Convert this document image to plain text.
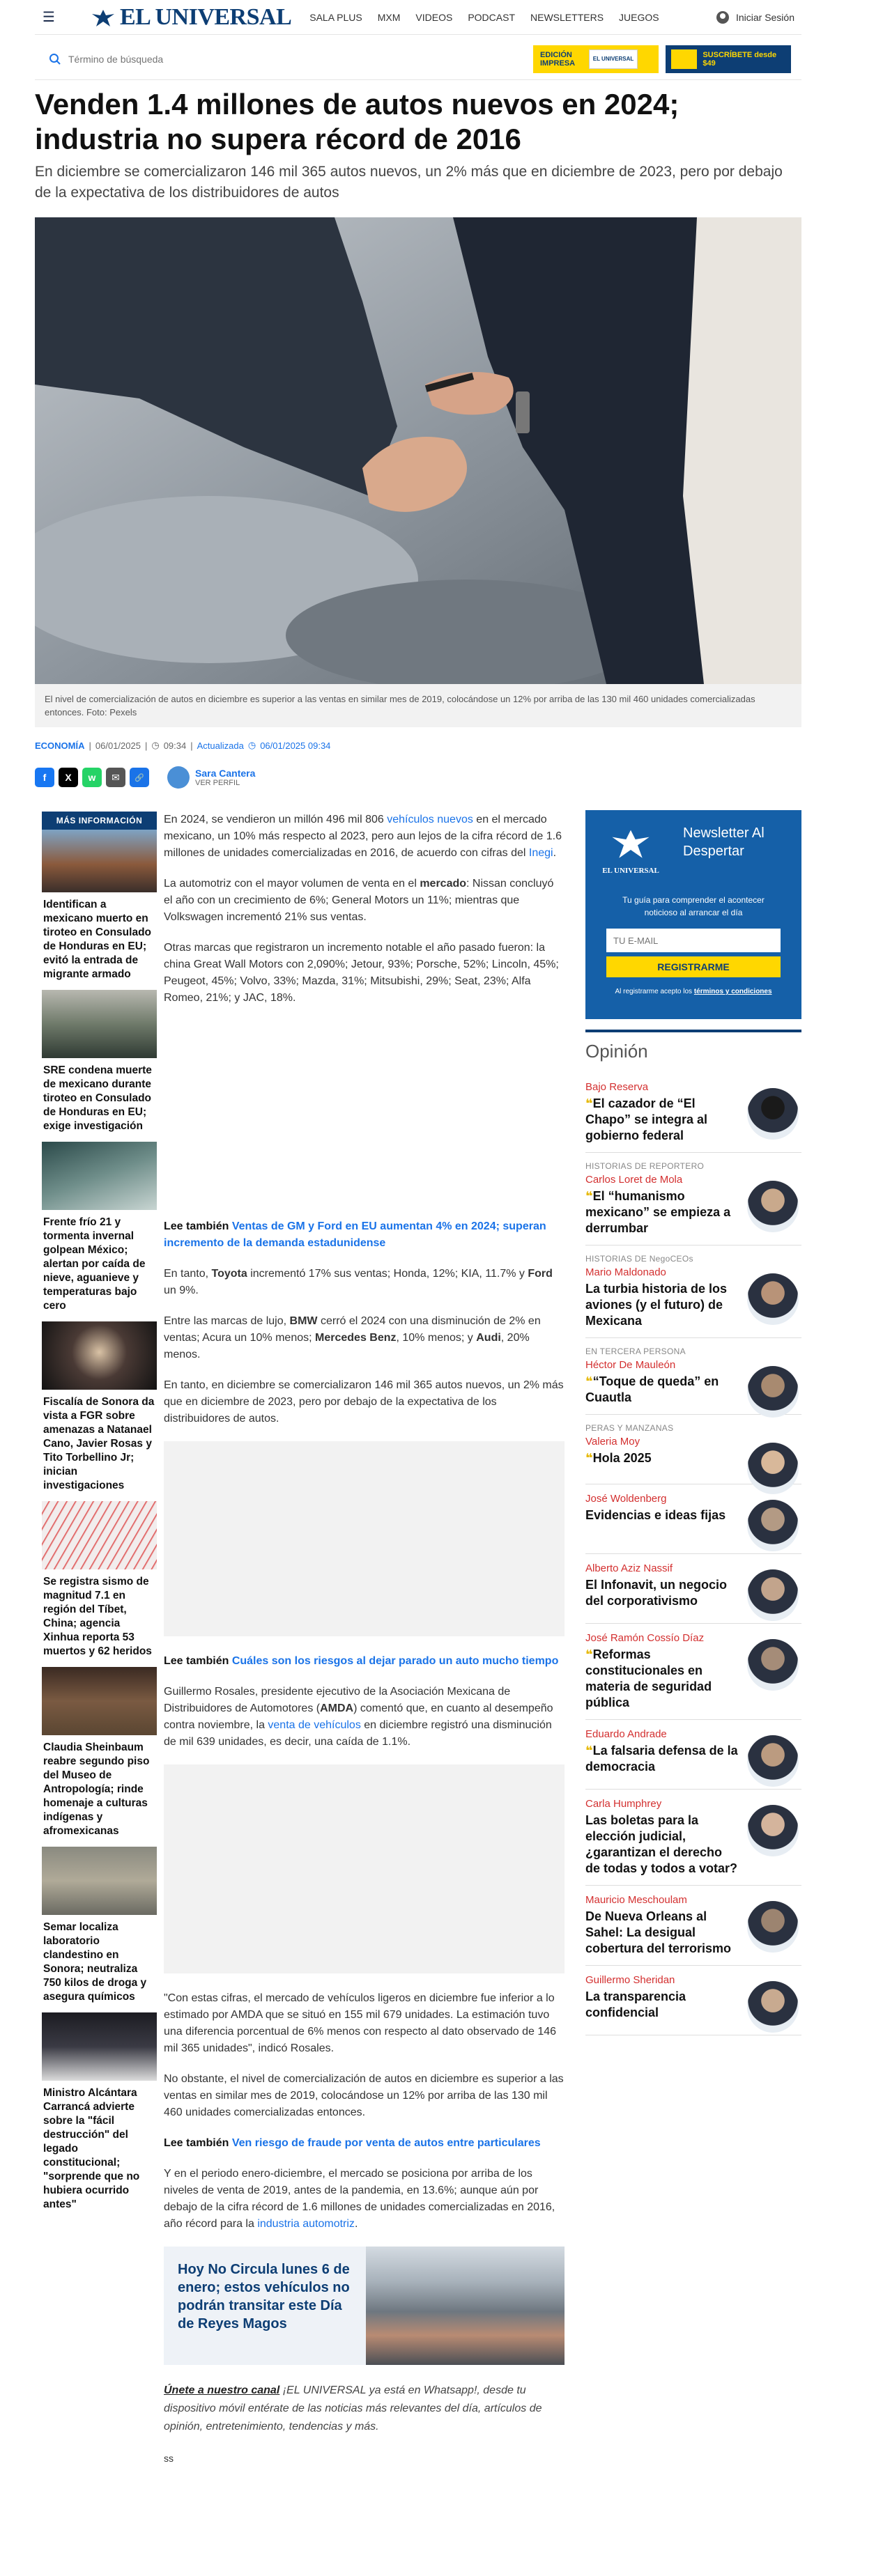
☰	EL UNIVERSAL SALA PLUS MXM VIDEOS PODCAST NEWSLETTERS JUEGOS	Iniciar Sesión
Término de búsqueda
EDICIÓN IMPRESA	EL UNIVERSAL	SUSCRÍBETE desde $49
Venden 1.4 millones de autos nuevos en 2024; industria no supera récord de 2016

En diciembre se comercializaron 146 mil 365 autos nuevos, un 2% más que en diciembre de 2023, pero por debajo de la expectativa de los distribuidores de autos

El nivel de comercialización de autos en diciembre es superior a las ventas en similar mes de 2019, colocándose un 12% por arriba de las 130 mil 460 unidades comercializadas entonces. Foto: Pexels
ECONOMÍA | 06/01/2025 | ◷ 09:34 | Actualizada ◷ 06/01/2025 09:34
f	X	w	✉	🔗	Sara Cantera
VER PERFIL
MÁS INFORMACIÓN
Identifican a mexicano muerto en tiroteo en Consulado de Honduras en EU; evitó la entrada de migrante armado
SRE condena muerte de mexicano durante tiroteo en Consulado de Honduras en EU; exige investigación
Frente frío 21 y tormenta invernal golpean México; alertan por caída de nieve, aguanieve y temperaturas bajo cero
Fiscalía de Sonora da vista a FGR sobre amenazas a Natanael Cano, Javier Rosas y Tito Torbellino Jr; inician investigaciones
Se registra sismo de magnitud 7.1 en región del Tíbet, China; agencia Xinhua reporta 53 muertos y 62 heridos
Claudia Sheinbaum reabre segundo piso del Museo de Antropología; rinde homenaje a culturas indígenas y afromexicanas
Semar localiza laboratorio clandestino en Sonora; neutraliza 750 kilos de droga y asegura químicos
Ministro Alcántara Carrancá advierte sobre la "fácil destrucción" del legado constitucional; "sorprende que no hubiera ocurrido antes"

En 2024, se vendieron un millón 496 mil 806 vehículos nuevos en el mercado mexicano, un 10% más respecto al 2023, pero aun lejos de la cifra récord de 1.6 millones de unidades comercializadas en 2016, de acuerdo con cifras del Inegi.

La automotriz con el mayor volumen de venta en el mercado: Nissan concluyó el año con un crecimiento de 6%; General Motors un 11%; mientras que Volkswagen incrementó 21% sus ventas.

Otras marcas que registraron un incremento notable el año pasado fueron: la china Great Wall Motors con 2,090%; Jetour, 93%; Porsche, 52%; Lincoln, 45%; Peugeot, 45%; Volvo, 33%; Mazda, 31%; Mitsubishi, 29%; Seat, 23%; Alfa Romeo, 21%; y JAC, 18%.

Lee también Ventas de GM y Ford en EU aumentan 4% en 2024; superan incremento de la demanda estadunidense

En tanto, Toyota incrementó 17% sus ventas; Honda, 12%; KIA, 11.7% y Ford un 9%.

Entre las marcas de lujo, BMW cerró el 2024 con una disminución de 2% en ventas; Acura un 10% menos; Mercedes Benz, 10% menos; y Audi, 20% menos.

En tanto, en diciembre se comercializaron 146 mil 365 autos nuevos, un 2% más que en diciembre de 2023, pero por debajo de la expectativa de los distribuidores de autos.

Lee también Cuáles son los riesgos al dejar parado un auto mucho tiempo

Guillermo Rosales, presidente ejecutivo de la Asociación Mexicana de Distribuidores de Automotores (AMDA) comentó que, en cuanto al desempeño contra noviembre, la venta de vehículos en diciembre registró una disminución de mil 639 unidades, es decir, una caída de 1.1%.

"Con estas cifras, el mercado de vehículos ligeros en diciembre fue inferior a lo estimado por AMDA que se situó en 155 mil 679 unidades. La estimación tuvo una diferencia porcentual de 6% menos con respecto al dato observado de 146 mil 365 unidades", indicó Rosales.

No obstante, el nivel de comercialización de autos en diciembre es superior a las ventas en similar mes de 2019, colocándose un 12% por arriba de las 130 mil 460 unidades comercializadas entonces.

Lee también Ven riesgo de fraude por venta de autos entre particulares

Y en el periodo enero-diciembre, el mercado se posiciona por arriba de los niveles de venta de 2019, antes de la pandemia, en 13.6%; aunque aún por debajo de la cifra récord de 1.6 millones de unidades comercializadas en 2016, año récord para la industria automotriz.

Hoy No Circula lunes 6 de enero; estos vehículos no podrán transitar este Día de Reyes Magos

Únete a nuestro canal ¡EL UNIVERSAL ya está en Whatsapp!, desde tu dispositivo móvil entérate de las noticias más relevantes del día, artículos de opinión, entretenimiento, tendencias y más.

ss
EL UNIVERSAL
Newsletter Al Despertar
Tu guía para comprender el acontecer noticioso al arrancar el día
TU E-MAIL
REGISTRARME
Al registrarme acepto los términos y condiciones
Opinión
Bajo Reserva
❝El cazador de “El Chapo” se integra al gobierno federal
HISTORIAS DE REPORTERO
Carlos Loret de Mola
❝El “humanismo mexicano” se empieza a derrumbar
HISTORIAS DE NegoCEOs
Mario Maldonado
La turbia historia de los aviones (y el futuro) de Mexicana
EN TERCERA PERSONA
Héctor De Mauleón
❝“Toque de queda” en Cuautla
PERAS Y MANZANAS
Valeria Moy
❝Hola 2025
José Woldenberg
Evidencias e ideas fijas
Alberto Aziz Nassif
El Infonavit, un negocio del corporativismo
José Ramón Cossío Díaz
❝Reformas constitucionales en materia de seguridad pública
Eduardo Andrade
❝La falsaria defensa de la democracia
Carla Humphrey
Las boletas para la elección judicial, ¿garantizan el derecho de todas y todos a votar?
Mauricio Meschoulam
De Nueva Orleans al Sahel: La desigual cobertura del terrorismo
Guillermo Sheridan
La transparencia confidencial
